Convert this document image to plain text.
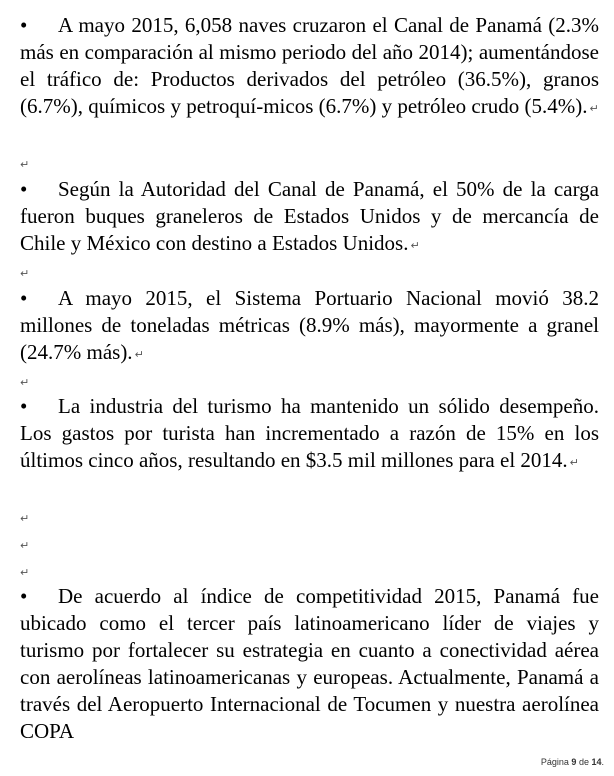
• A mayo 2015, 6,058 naves cruzaron el Canal de Panamá (2.3% más en comparación al mismo periodo del año 2014); aumentándose el tráfico de: Productos derivados del petróleo (36.5%), granos (6.7%), químicos y petroquí-micos (6.7%) y petróleo crudo (5.4%). ↵

↵

• Según la Autoridad del Canal de Panamá, el 50% de la carga fueron buques graneleros de Estados Unidos y de mercancía de Chile y México con destino a Estados Unidos. ↵

↵

• A mayo 2015, el Sistema Portuario Nacional movió 38.2 millones de toneladas métricas (8.9% más), mayormente a granel (24.7% más). ↵

↵

• La industria del turismo ha mantenido un sólido desempeño. Los gastos por turista han incrementado a razón de 15% en los últimos cinco años, resultando en $3.5 mil millones para el 2014. ↵

↵
↵
↵

• De acuerdo al índice de competitividad 2015, Panamá fue ubicado como el tercer país latinoamericano líder de viajes y turismo por fortalecer su estrategia en cuanto a conectividad aérea con aerolíneas latinoamericanas y europeas. Actualmente, Panamá a través del Aeropuerto Internacional de Tocumen y nuestra aerolínea COPA

Página 9 de 14.
